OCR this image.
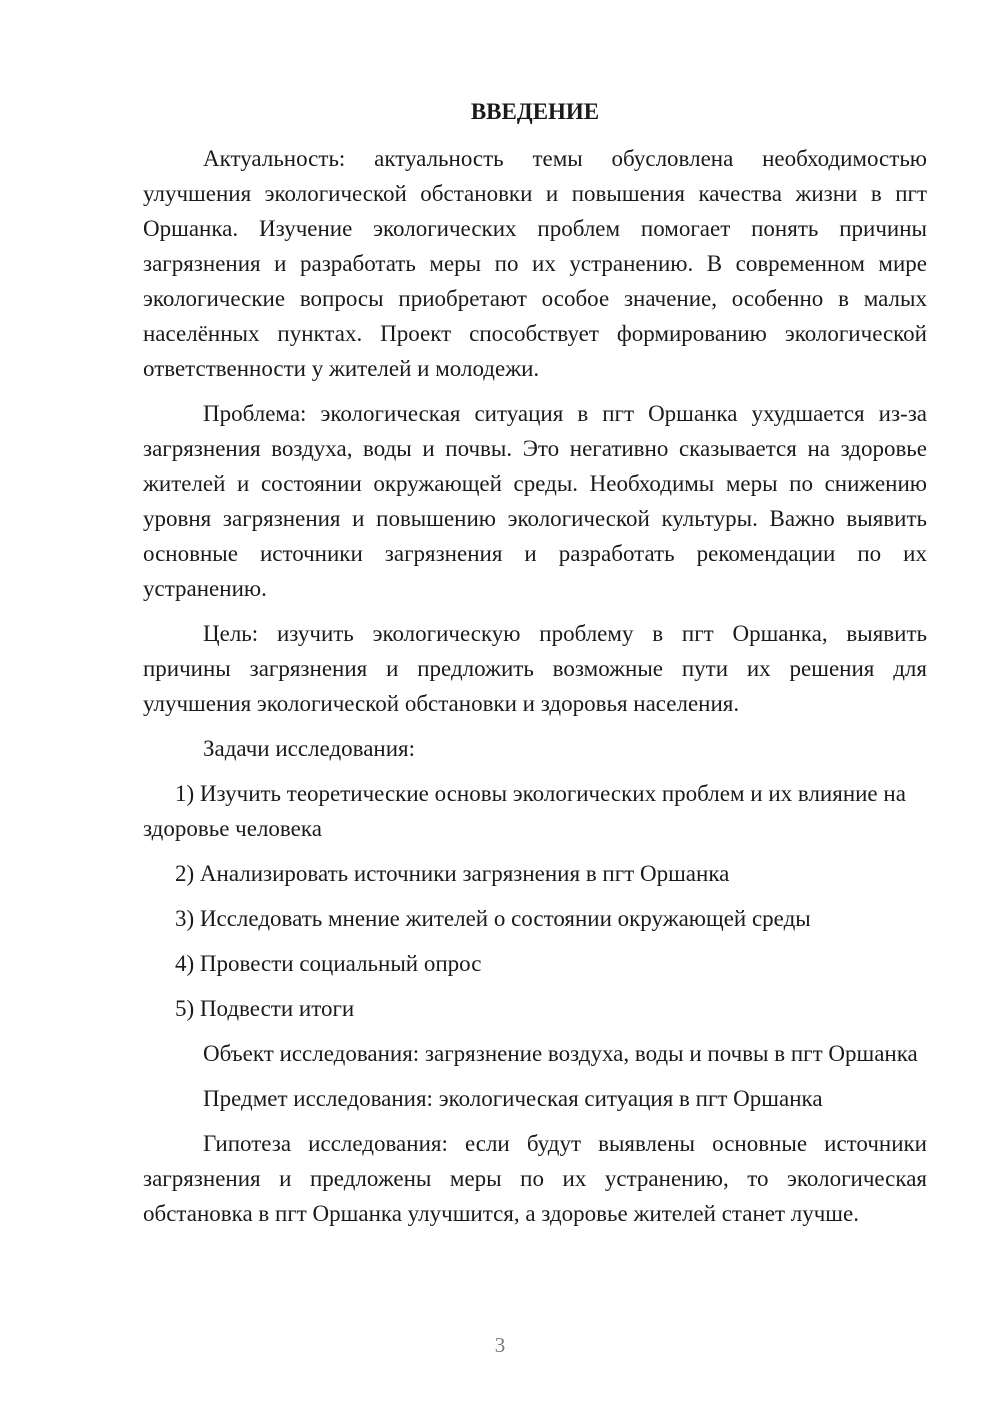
ВВЕДЕНИЕ

Актуальность: актуальность темы обусловлена необходимостью улучшения экологической обстановки и повышения качества жизни в пгт Оршанка. Изучение экологических проблем помогает понять причины загрязнения и разработать меры по их устранению. В современном мире экологические вопросы приобретают особое значение, особенно в малых населённых пунктах. Проект способствует формированию экологической ответственности у жителей и молодежи.

Проблема: экологическая ситуация в пгт Оршанка ухудшается из-за загрязнения воздуха, воды и почвы. Это негативно сказывается на здоровье жителей и состоянии окружающей среды. Необходимы меры по снижению уровня загрязнения и повышению экологической культуры. Важно выявить основные источники загрязнения и разработать рекомендации по их устранению.

Цель: изучить экологическую проблему в пгт Оршанка, выявить причины загрязнения и предложить возможные пути их решения для улучшения экологической обстановки и здоровья населения.

Задачи исследования:

1) Изучить теоретические основы экологических проблем и их влияние на здоровье человека

2) Анализировать источники загрязнения в пгт Оршанка

3) Исследовать мнение жителей о состоянии окружающей среды

4) Провести социальный опрос

5) Подвести итоги

Объект исследования: загрязнение воздуха, воды и почвы в пгт Оршанка

Предмет исследования: экологическая ситуация в пгт Оршанка

Гипотеза исследования: если будут выявлены основные источники загрязнения и предложены меры по их устранению, то экологическая обстановка в пгт Оршанка улучшится, а здоровье жителей станет лучше.

3
